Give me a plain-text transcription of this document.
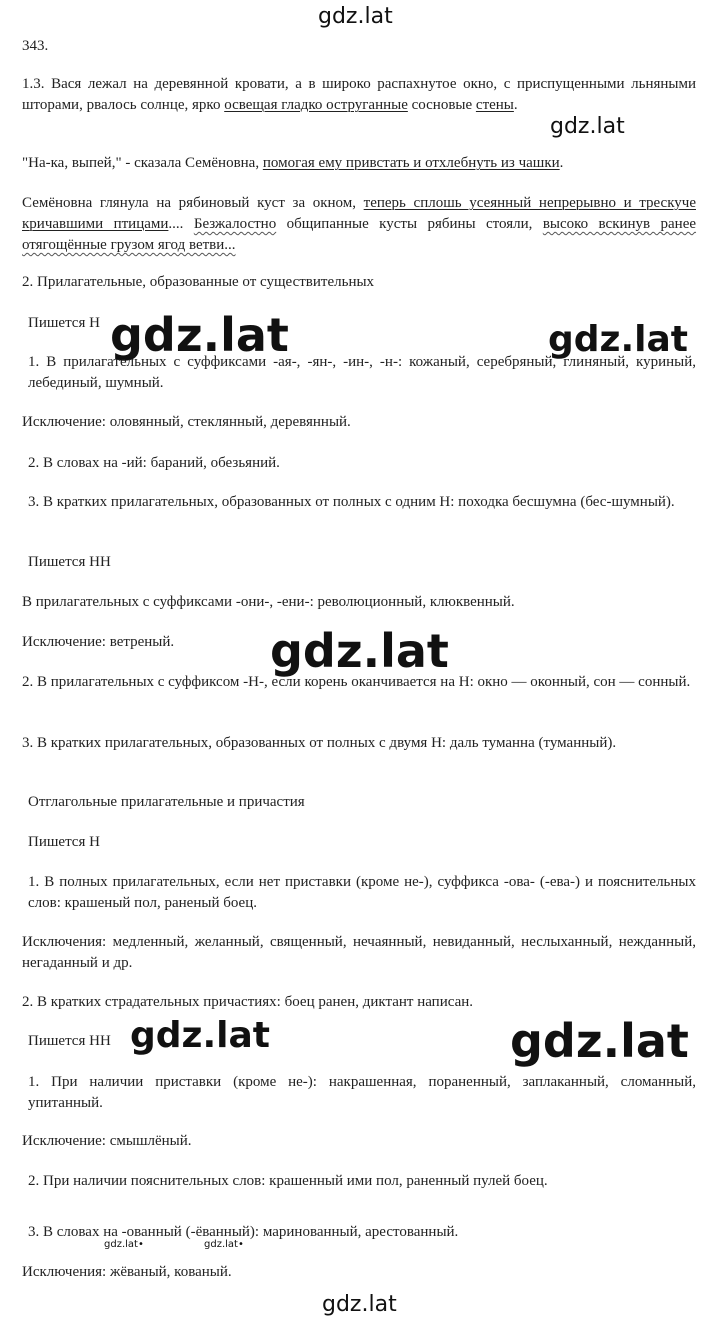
gdz.lat

343.

1.3. Вася лежал на деревянной кровати, а в широко распахнутое окно, с приспущенными льняными шторами, рвалось солнце, ярко освещая гладко оструганные сосновые стены.

gdz.lat

"На-ка, выпей," - сказала Семёновна, помогая ему привстать и отхлебнуть из чашки.

Семёновна глянула на рябиновый куст за окном, теперь сплошь усеянный непрерывно и трескуче кричавшими птицами.... Безжалостно общипанные кусты рябины стояли, высоко вскинув ранее отягощённые грузом ягод ветви...

2. Прилагательные, образованные от существительных

Пишется Н gdz.lat	gdz.lat

1. В прилагательных с суффиксами -ая-, -ян-, -ин-, -н-: кожаный, серебряный, глиняный, куриный, лебединый, шумный.

Исключение: оловянный, стеклянный, деревянный.

2. В словах на -ий: бараний, обезьяний.

3. В кратких прилагательных, образованных от полных с одним Н: походка бесшумна (бес-шумный).

Пишется НН

В прилагательных с суффиксами -они-, -ени-: революционный, клюквенный.

Исключение: ветреный.	gdz.lat

2. В прилагательных с суффиксом -Н-, если корень оканчивается на Н: окно — оконный, сон — сонный.

3. В кратких прилагательных, образованных от полных с двумя Н: даль туманна (туманный).

Отглагольные прилагательные и причастия

Пишется Н

1. В полных прилагательных, если нет приставки (кроме не-), суффикса -ова- (-ева-) и пояснительных слов: крашеный пол, раненый боец.

Исключения: медленный, желанный, священный, нечаянный, невиданный, неслыханный, нежданный, негаданный и др.

2. В кратких страдательных причастиях: боец ранен, диктант написан.

Пишется НН gdz.lat	gdz.lat

1. При наличии приставки (кроме не-): накрашенная, пораненный, заплаканный, сломанный, упитанный.

Исключение: смышлёный.

2. При наличии пояснительных слов: крашенный ими пол, раненный пулей боец.

3. В словах на -ованный (-ёванный): маринованный, арестованный.

gdz.lat•	gdz.lat•

Исключения: жёваный, кованый.

gdz.lat
